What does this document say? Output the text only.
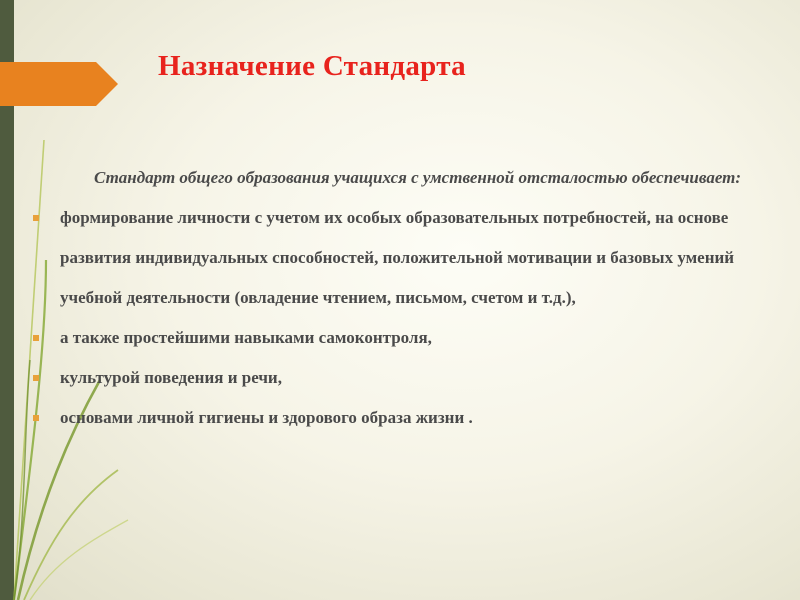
Назначение Стандарта

Стандарт общего образования учащихся с умственной отсталостью обеспечивает:

формирование личности с учетом их особых образовательных потребностей, на основе развития индивидуальных способностей, положительной мотивации и базовых умений учебной деятельности (овладение чтением, письмом, счетом и т.д.),
а также простейшими навыками самоконтроля,
культурой поведения и речи,
основами личной гигиены и здорового образа жизни .
